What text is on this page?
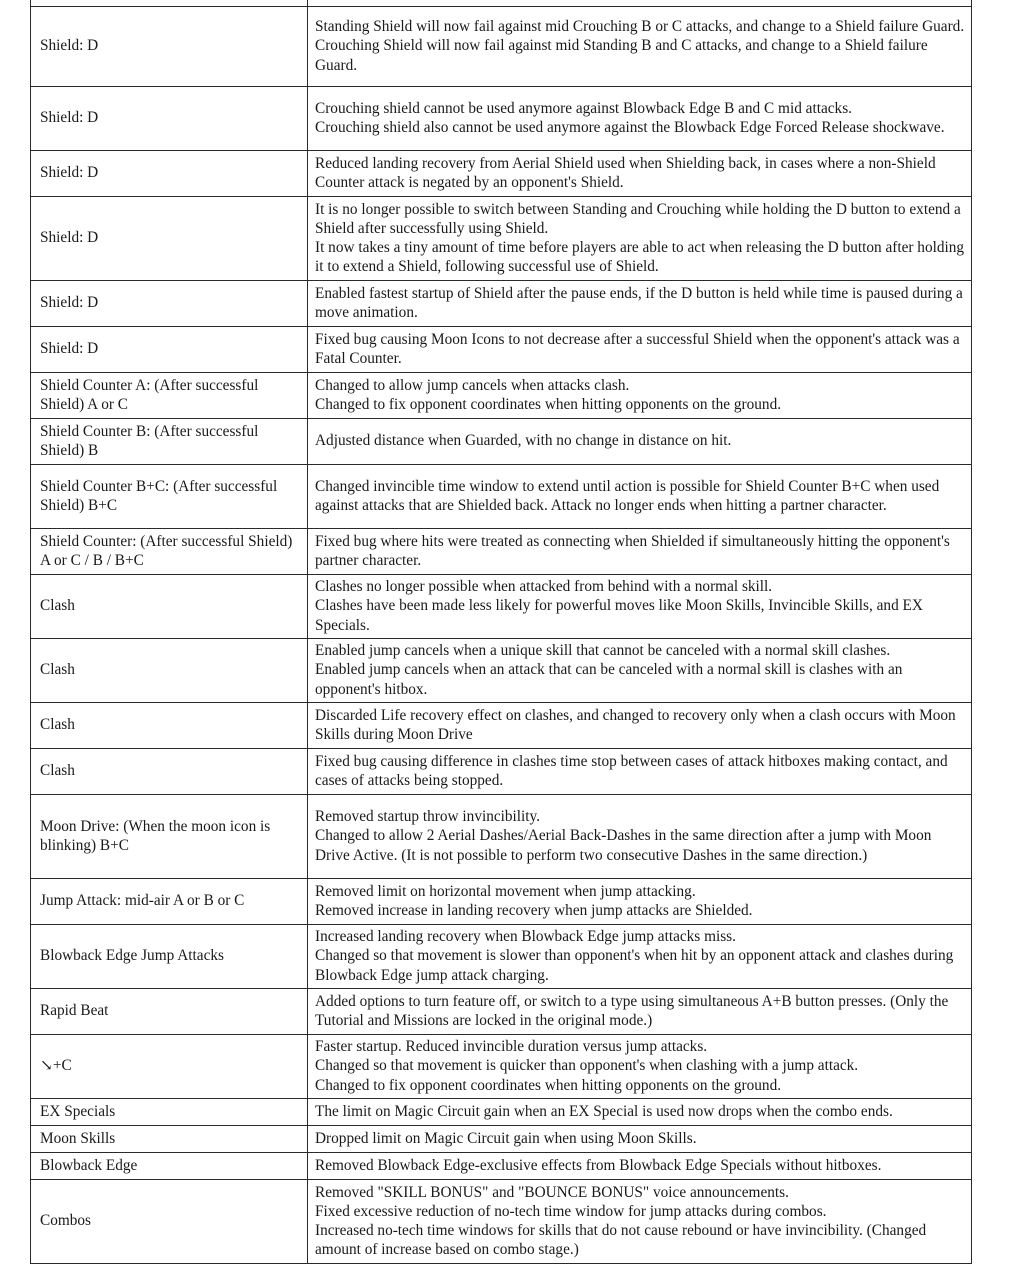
Shield: D	Standing Shield will now fail against mid Crouching B or C attacks, and change to a Shield failure Guard.
Crouching Shield will now fail against mid Standing B and C attacks, and change to a Shield failure Guard.

Shield: D	Crouching shield cannot be used anymore against Blowback Edge B and C mid attacks.
Crouching shield also cannot be used anymore against the Blowback Edge Forced Release shockwave.

Shield: D	Reduced landing recovery from Aerial Shield used when Shielding back, in cases where a non-Shield Counter attack is negated by an opponent's Shield.

Shield: D	It is no longer possible to switch between Standing and Crouching while holding the D button to extend a Shield after successfully using Shield.
It now takes a tiny amount of time before players are able to act when releasing the D button after holding it to extend a Shield, following successful use of Shield.

Shield: D	Enabled fastest startup of Shield after the pause ends, if the D button is held while time is paused during a move animation.

Shield: D	Fixed bug causing Moon Icons to not decrease after a successful Shield when the opponent's attack was a Fatal Counter.

Shield Counter A: (After successful Shield) A or C	Changed to allow jump cancels when attacks clash.
Changed to fix opponent coordinates when hitting opponents on the ground.

Shield Counter B: (After successful Shield) B	Adjusted distance when Guarded, with no change in distance on hit.

Shield Counter B+C: (After successful Shield) B+C	Changed invincible time window to extend until action is possible for Shield Counter B+C when used against attacks that are Shielded back. Attack no longer ends when hitting a partner character.

Shield Counter: (After successful Shield) A or C / B / B+C	Fixed bug where hits were treated as connecting when Shielded if simultaneously hitting the opponent's partner character.

Clash	Clashes no longer possible when attacked from behind with a normal skill.
Clashes have been made less likely for powerful moves like Moon Skills, Invincible Skills, and EX Specials.

Clash	Enabled jump cancels when a unique skill that cannot be canceled with a normal skill clashes.
Enabled jump cancels when an attack that can be canceled with a normal skill is clashes with an opponent's hitbox.

Clash	Discarded Life recovery effect on clashes, and changed to recovery only when a clash occurs with Moon Skills during Moon Drive

Clash	Fixed bug causing difference in clashes time stop between cases of attack hitboxes making contact, and cases of attacks being stopped.

Moon Drive: (When the moon icon is blinking) B+C	Removed startup throw invincibility.
Changed to allow 2 Aerial Dashes/Aerial Back-Dashes in the same direction after a jump with Moon Drive Active. (It is not possible to perform two consecutive Dashes in the same direction.)

Jump Attack: mid-air A or B or C	Removed limit on horizontal movement when jump attacking.
Removed increase in landing recovery when jump attacks are Shielded.

Blowback Edge Jump Attacks	Increased landing recovery when Blowback Edge jump attacks miss.
Changed so that movement is slower than opponent's when hit by an opponent attack and clashes during Blowback Edge jump attack charging.

Rapid Beat	Added options to turn feature off, or switch to a type using simultaneous A+B button presses. (Only the Tutorial and Missions are locked in the original mode.)

↘+C	Faster startup. Reduced invincible duration versus jump attacks.
Changed so that movement is quicker than opponent's when clashing with a jump attack.
Changed to fix opponent coordinates when hitting opponents on the ground.

EX Specials	The limit on Magic Circuit gain when an EX Special is used now drops when the combo ends.

Moon Skills	Dropped limit on Magic Circuit gain when using Moon Skills.

Blowback Edge	Removed Blowback Edge-exclusive effects from Blowback Edge Specials without hitboxes.

Combos	Removed "SKILL BONUS" and "BOUNCE BONUS" voice announcements.
Fixed excessive reduction of no-tech time window for jump attacks during combos.
Increased no-tech time windows for skills that do not cause rebound or have invincibility. (Changed amount of increase based on combo stage.)
